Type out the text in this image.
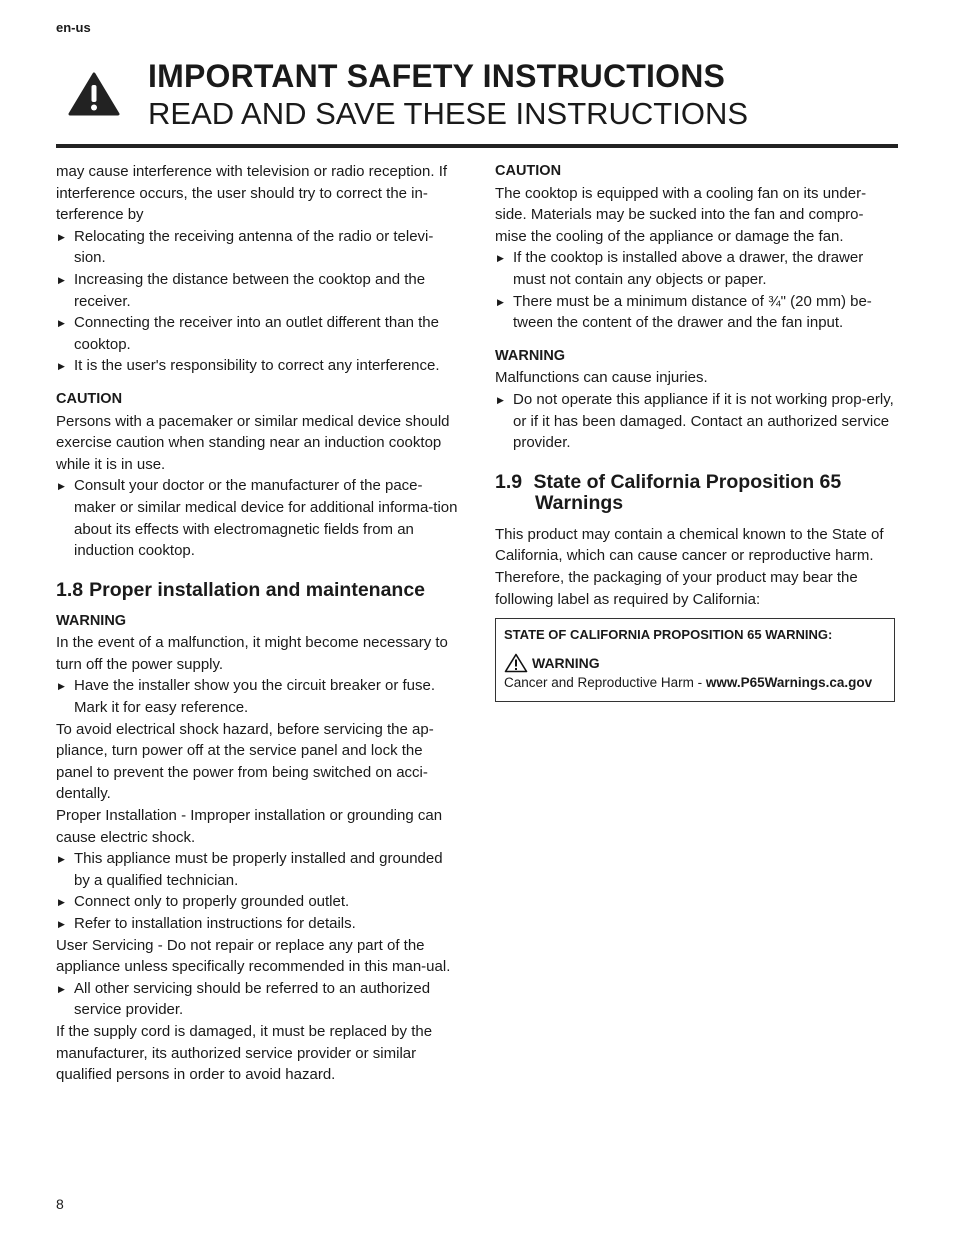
en-us
IMPORTANT SAFETY INSTRUCTIONS
READ AND SAVE THESE INSTRUCTIONS

may cause interference with television or radio reception. If interference occurs, the user should try to correct the in-terference by

▶ Relocating the receiving antenna of the radio or televi-sion.
▶ Increasing the distance between the cooktop and the receiver.
▶ Connecting the receiver into an outlet different than the cooktop.
▶ It is the user's responsibility to correct any interference.

CAUTION

Persons with a pacemaker or similar medical device should exercise caution when standing near an induction cooktop while it is in use.

▶ Consult your doctor or the manufacturer of the pace-maker or similar medical device for additional informa-tion about its effects with electromagnetic fields from an induction cooktop.
1.8 Proper installation and maintenance

WARNING

In the event of a malfunction, it might become necessary to turn off the power supply.

▶ Have the installer show you the circuit breaker or fuse. Mark it for easy reference.

To avoid electrical shock hazard, before servicing the ap-pliance, turn power off at the service panel and lock the panel to prevent the power from being switched on acci-dentally.

Proper Installation - Improper installation or grounding can cause electric shock.

▶ This appliance must be properly installed and grounded by a qualified technician.
▶ Connect only to properly grounded outlet.
▶ Refer to installation instructions for details.

User Servicing - Do not repair or replace any part of the appliance unless specifically recommended in this man-ual.

▶ All other servicing should be referred to an authorized service provider.

If the supply cord is damaged, it must be replaced by the manufacturer, its authorized service provider or similar qualified persons in order to avoid hazard.

CAUTION

The cooktop is equipped with a cooling fan on its under-side. Materials may be sucked into the fan and compro-mise the cooling of the appliance or damage the fan.

▶ If the cooktop is installed above a drawer, the drawer must not contain any objects or paper.
▶ There must be a minimum distance of ¾" (20 mm) be-tween the content of the drawer and the fan input.

WARNING

Malfunctions can cause injuries.

▶ Do not operate this appliance if it is not working prop-erly, or if it has been damaged. Contact an authorized service provider.
1.9 State of California Proposition 65 Warnings

This product may contain a chemical known to the State of California, which can cause cancer or reproductive harm. Therefore, the packaging of your product may bear the following label as required by California:

STATE OF CALIFORNIA PROPOSITION 65 WARNING:
WARNING
Cancer and Reproductive Harm - www.P65Warnings.ca.gov
8
